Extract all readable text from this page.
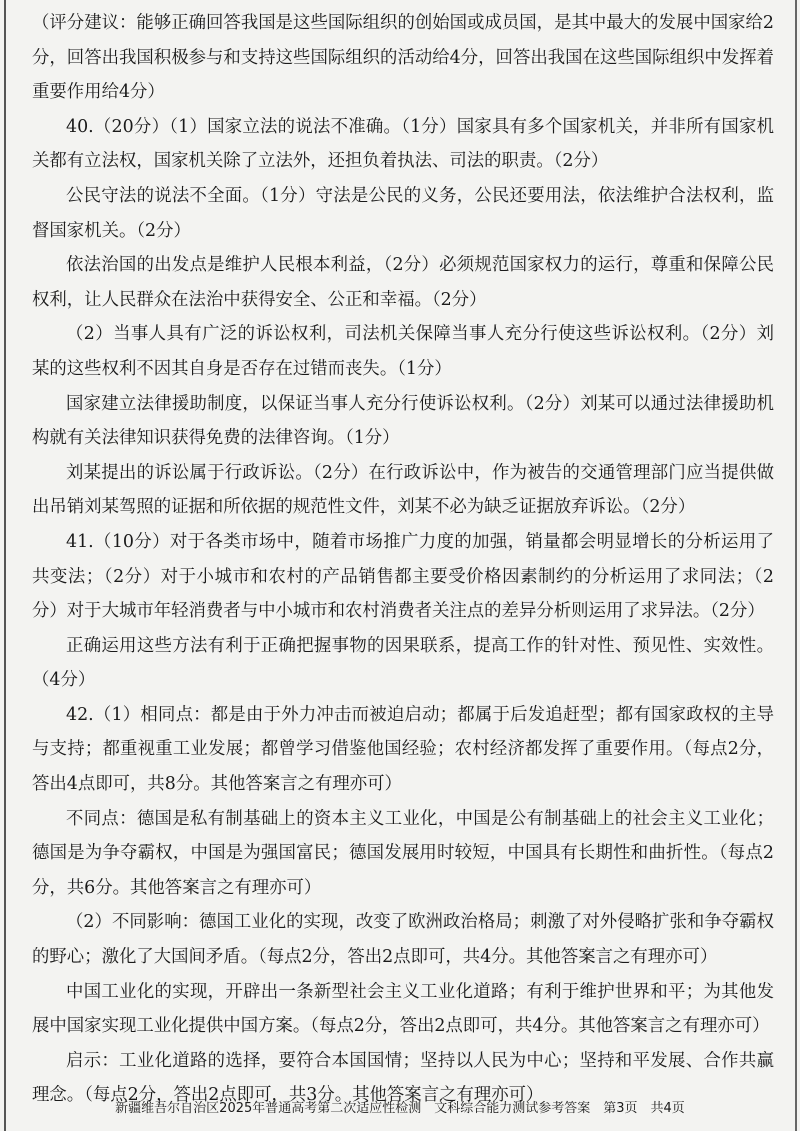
（评分建议：能够正确回答我国是这些国际组织的创始国或成员国，是其中最大的发展中国家给2分，回答出我国积极参与和支持这些国际组织的活动给4分，回答出我国在这些国际组织中发挥着重要作用给4分）

40.（20分）（1）国家立法的说法不准确。（1分）国家具有多个国家机关，并非所有国家机关都有立法权，国家机关除了立法外，还担负着执法、司法的职责。（2分）

公民守法的说法不全面。（1分）守法是公民的义务，公民还要用法，依法维护合法权利，监督国家机关。（2分）

依法治国的出发点是维护人民根本利益，（2分）必须规范国家权力的运行，尊重和保障公民权利，让人民群众在法治中获得安全、公正和幸福。（2分）

（2）当事人具有广泛的诉讼权利，司法机关保障当事人充分行使这些诉讼权利。（2分）刘某的这些权利不因其自身是否存在过错而丧失。（1分）

国家建立法律援助制度，以保证当事人充分行使诉讼权利。（2分）刘某可以通过法律援助机构就有关法律知识获得免费的法律咨询。（1分）

刘某提出的诉讼属于行政诉讼。（2分）在行政诉讼中，作为被告的交通管理部门应当提供做出吊销刘某驾照的证据和所依据的规范性文件，刘某不必为缺乏证据放弃诉讼。（2分）

41.（10分）对于各类市场中，随着市场推广力度的加强，销量都会明显增长的分析运用了共变法；（2分）对于小城市和农村的产品销售都主要受价格因素制约的分析运用了求同法；（2分）对于大城市年轻消费者与中小城市和农村消费者关注点的差异分析则运用了求异法。（2分）

正确运用这些方法有利于正确把握事物的因果联系，提高工作的针对性、预见性、实效性。（4分）

42.（1）相同点：都是由于外力冲击而被迫启动；都属于后发追赶型；都有国家政权的主导与支持；都重视重工业发展；都曾学习借鉴他国经验；农村经济都发挥了重要作用。（每点2分，答出4点即可，共8分。其他答案言之有理亦可）

不同点：德国是私有制基础上的资本主义工业化，中国是公有制基础上的社会主义工业化；德国是为争夺霸权，中国是为强国富民；德国发展用时较短，中国具有长期性和曲折性。（每点2分，共6分。其他答案言之有理亦可）

（2）不同影响：德国工业化的实现，改变了欧洲政治格局；刺激了对外侵略扩张和争夺霸权的野心；激化了大国间矛盾。（每点2分，答出2点即可，共4分。其他答案言之有理亦可）

中国工业化的实现，开辟出一条新型社会主义工业化道路；有利于维护世界和平；为其他发展中国家实现工业化提供中国方案。（每点2分，答出2点即可，共4分。其他答案言之有理亦可）

启示：工业化道路的选择，要符合本国国情；坚持以人民为中心；坚持和平发展、合作共赢理念。（每点2分，答出2点即可，共3分。其他答案言之有理亦可）

新疆维吾尔自治区2025年普通高考第二次适应性检测　文科综合能力测试参考答案　第3页　共4页
